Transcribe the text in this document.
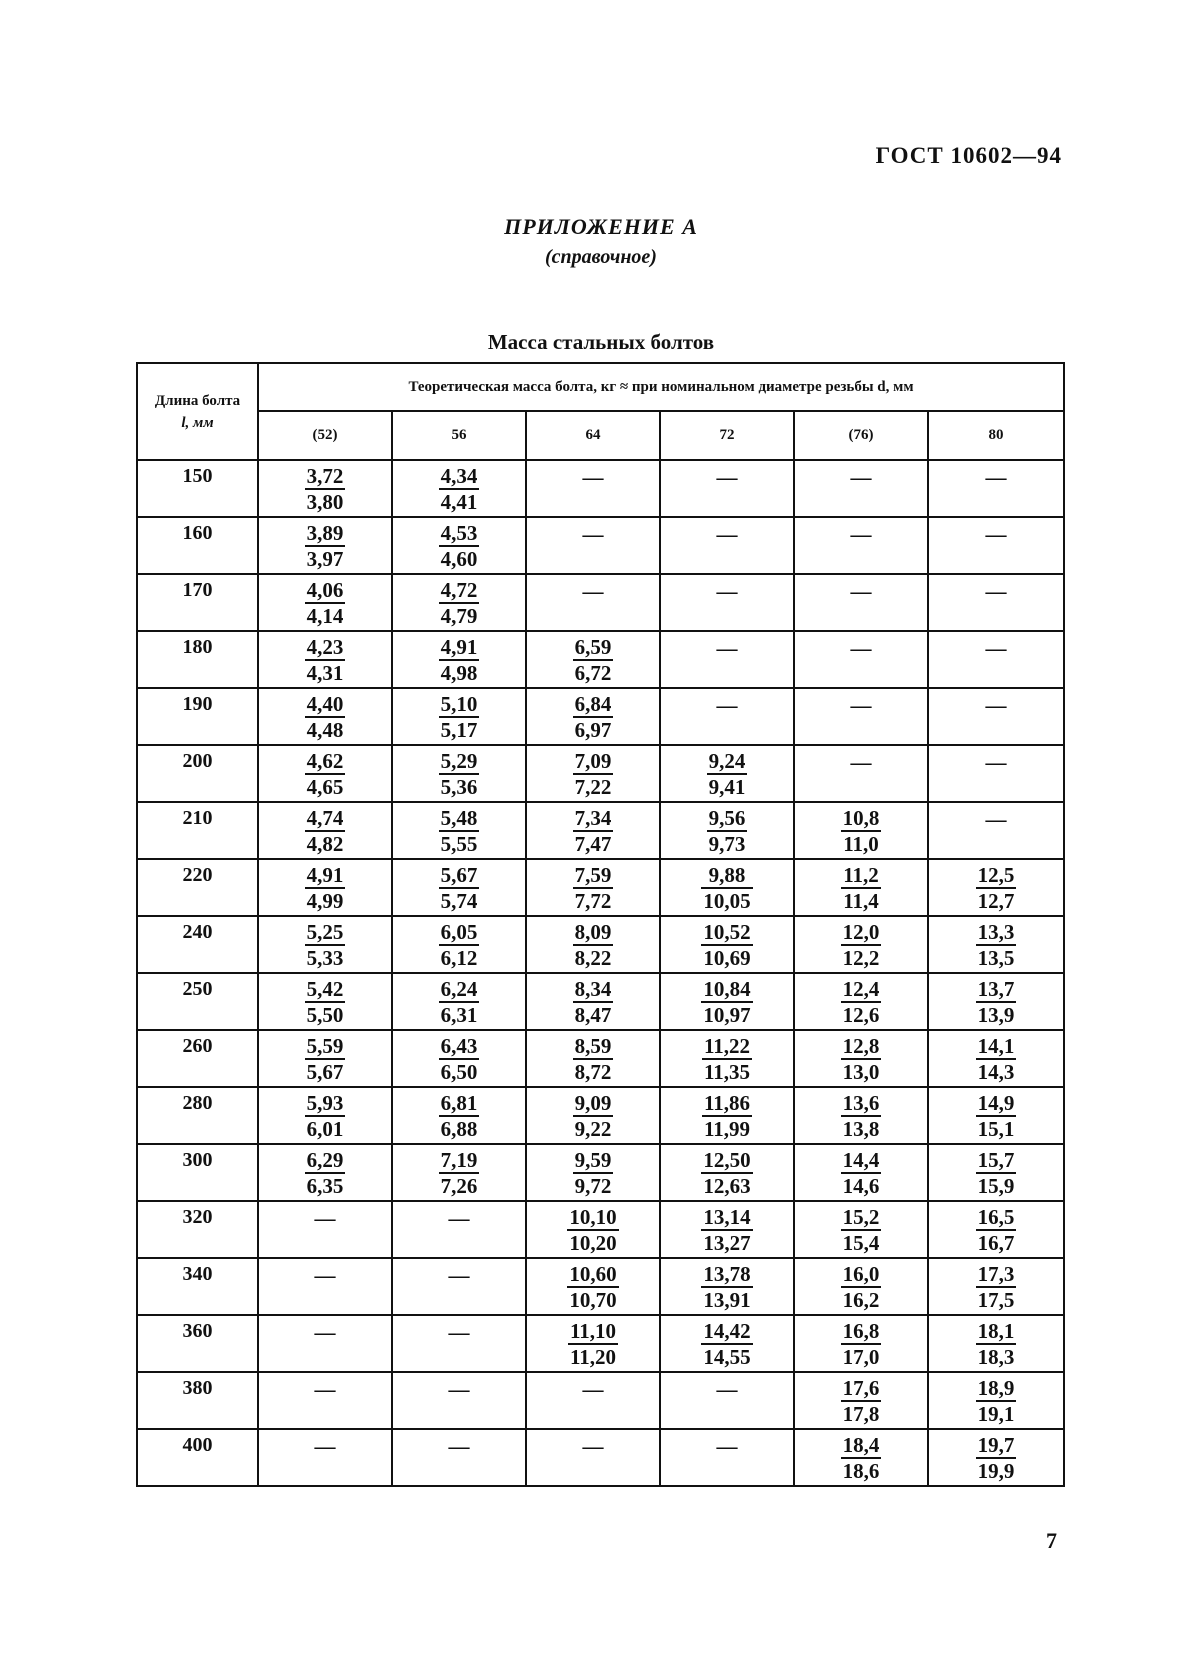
ГОСТ 10602—94
ПРИЛОЖЕНИЕ А
(справочное)
Масса стальных болтов
Длина болта
l, мм	Теоретическая масса болта, кг ≈ при номинальном диаметре резьбы d, мм					
	(52)	56	64	72	(76)	80
150	$\frac{3,72}{3,80}$	$\frac{4,34}{4,41}$	—	—	—	—
160	$\frac{3,89}{3,97}$	$\frac{4,53}{4,60}$	—	—	—	—
170	$\frac{4,06}{4,14}$	$\frac{4,72}{4,79}$	—	—	—	—
180	$\frac{4,23}{4,31}$	$\frac{4,91}{4,98}$	$\frac{6,59}{6,72}$	—	—	—
190	$\frac{4,40}{4,48}$	$\frac{5,10}{5,17}$	$\frac{6,84}{6,97}$	—	—	—
200	$\frac{4,62}{4,65}$	$\frac{5,29}{5,36}$	$\frac{7,09}{7,22}$	$\frac{9,24}{9,41}$	—	—
210	$\frac{4,74}{4,82}$	$\frac{5,48}{5,55}$	$\frac{7,34}{7,47}$	$\frac{9,56}{9,73}$	$\frac{10,8}{11,0}$	—
220	$\frac{4,91}{4,99}$	$\frac{5,67}{5,74}$	$\frac{7,59}{7,72}$	$\frac{9,88}{10,05}$	$\frac{11,2}{11,4}$	$\frac{12,5}{12,7}$

240	$\frac{5,25}{5,33}$	$\frac{6,05}{6,12}$	$\frac{8,09}{8,22}$	$\frac{10,52}{10,69}$	$\frac{12,0}{12,2}$	$\frac{13,3}{13,5}$

250	$\frac{5,42}{5,50}$	$\frac{6,24}{6,31}$	$\frac{8,34}{8,47}$	$\frac{10,84}{10,97}$	$\frac{12,4}{12,6}$	$\frac{13,7}{13,9}$

260	$\frac{5,59}{5,67}$	$\frac{6,43}{6,50}$	$\frac{8,59}{8,72}$	$\frac{11,22}{11,35}$	$\frac{12,8}{13,0}$	$\frac{14,1}{14,3}$

280	$\frac{5,93}{6,01}$	$\frac{6,81}{6,88}$	$\frac{9,09}{9,22}$	$\frac{11,86}{11,99}$	$\frac{13,6}{13,8}$	$\frac{14,9}{15,1}$

300	$\frac{6,29}{6,35}$	$\frac{7,19}{7,26}$	$\frac{9,59}{9,72}$	$\frac{12,50}{12,63}$	$\frac{14,4}{14,6}$	$\frac{15,7}{15,9}$

320	—	—	$\frac{10,10}{10,20}$	$\frac{13,14}{13,27}$	$\frac{15,2}{15,4}$	$\frac{16,5}{16,7}$

340	—	—	$\frac{10,60}{10,70}$	$\frac{13,78}{13,91}$	$\frac{16,0}{16,2}$	$\frac{17,3}{17,5}$

360	—	—	$\frac{11,10}{11,20}$	$\frac{14,42}{14,55}$	$\frac{16,8}{17,0}$	$\frac{18,1}{18,3}$

380	—	—	—	—	$\frac{17,6}{17,8}$	$\frac{18,9}{19,1}$

400	—	—	—	—	$\frac{18,4}{18,6}$	$\frac{19,7}{19,9}$
7
